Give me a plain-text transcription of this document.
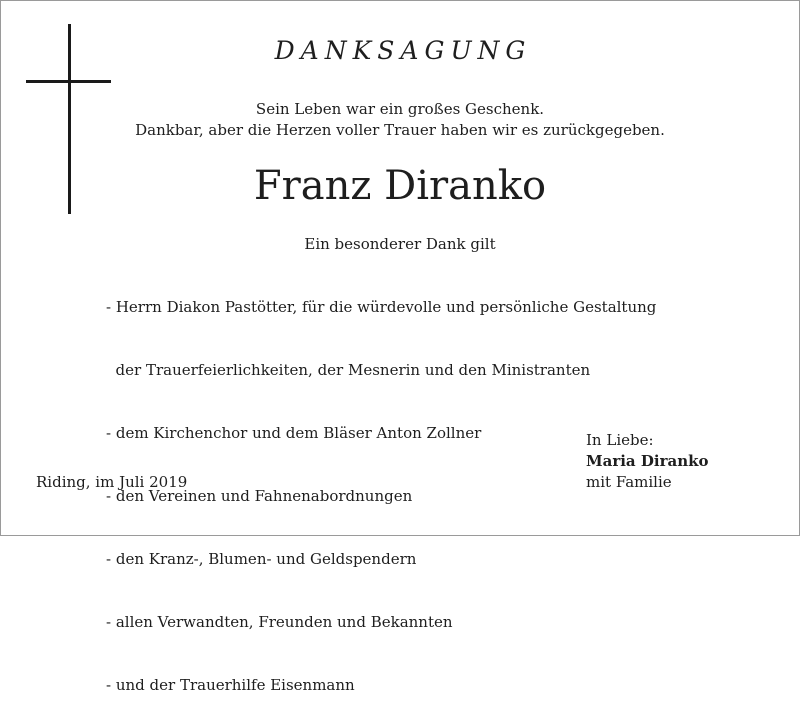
DANKSAGUNG
Sein Leben war ein großes Geschenk.
Dankbar, aber die Herzen voller Trauer haben wir es zurückgegeben.
Franz Diranko
Ein besonderer Dank gilt

- Herrn Diakon Pastötter, für die würdevolle und persönliche Gestaltung

der Trauerfeierlichkeiten, der Mesnerin und den Ministranten

- dem Kirchenchor und dem Bläser Anton Zollner

- den Vereinen und Fahnenabordnungen

- den Kranz-, Blumen- und Geldspendern

- allen Verwandten, Freunden und Bekannten

- und der Trauerhilfe Eisenmann

In Liebe:
Maria Diranko
mit Familie
Riding, im Juli 2019
